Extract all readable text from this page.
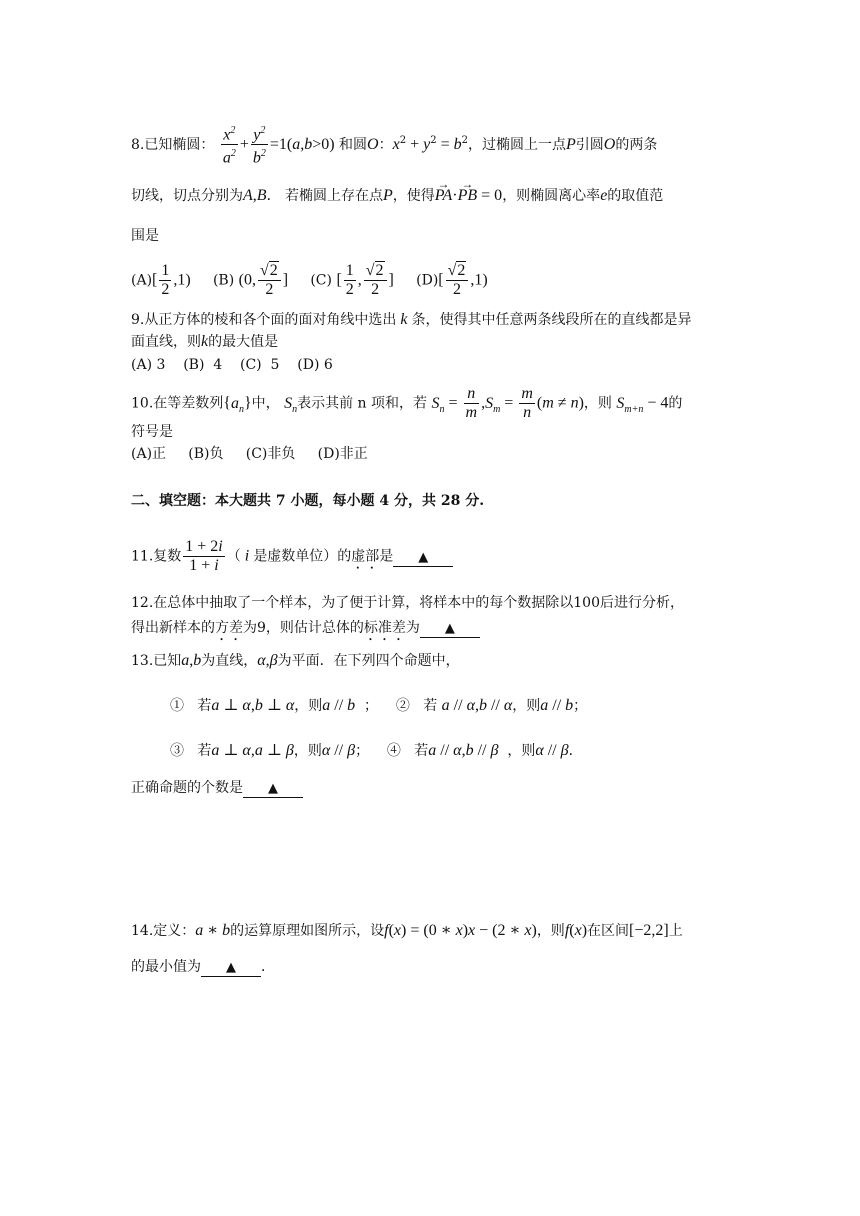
8.已知椭圆： $\frac{x^2}{a^2} + \frac{y^2}{b^2} =1(a,b>0)$ 和圆O：$x^2 + y^2 = b^2$，过椭圆上一点P引圆O的两条
切线，切点分别为A,B． 若椭圆上存在点P，使得→ PA·→ PB = 0，则椭圆离心率e的取值范
围是
$(A)[ \frac{1}{2} ,1)$ (B) (0, $\frac{√2}{2}$ ] (C) [ $\frac{1}{2}$ , $\frac{√2}{2}$ ] $(D)[ \frac{√2}{2} ,1)$
9.从正方体的棱和各个面的面对角线中选出 k 条，使得其中任意两条线段所在的直线都是异
面直线，则k的最大值是
(A) 3    (B)  4    (C)  5    (D) 6
10.在等差数列$\{a_n\}$中， $S_n$表示其前 n 项和，若 $S_n = \frac{n}{m} ,S_m = \frac{m}{n} (m \ne n)$，则 $S_{m+n} - 4$的
符号是
(A)正     (B)负     (C)非负     (D)非正
二、填空题：本大题共 7 小题，每小题 4 分，共 28 分.
11.复数 $\frac{1 + 2i}{1 + i}$ （ i 是虚数单位）的虚部是 ▲
12.在总体中抽取了一个样本，为了便于计算，将样本中的每个数据除以100后进行分析，
得出新样本的方差为9，则估计总体的标准差为 ▲
13.已知a,b为直线，α,β为平面．在下列四个命题中，
①   若a ⊥ α,b ⊥ α，则a // b  ；    ②   若 a // α,b // α，则a // b；
③   若a ⊥ α,a ⊥ β，则α // β；    ④   若a // α,b // β  ，则α // β．
正确命题的个数是 ▲
14.定义：a ∗ b的运算原理如图所示，设f(x) = (0 ∗ x)x − (2 ∗ x)，则f(x)在区间[−2,2]上
的最小值为 ▲ ．
